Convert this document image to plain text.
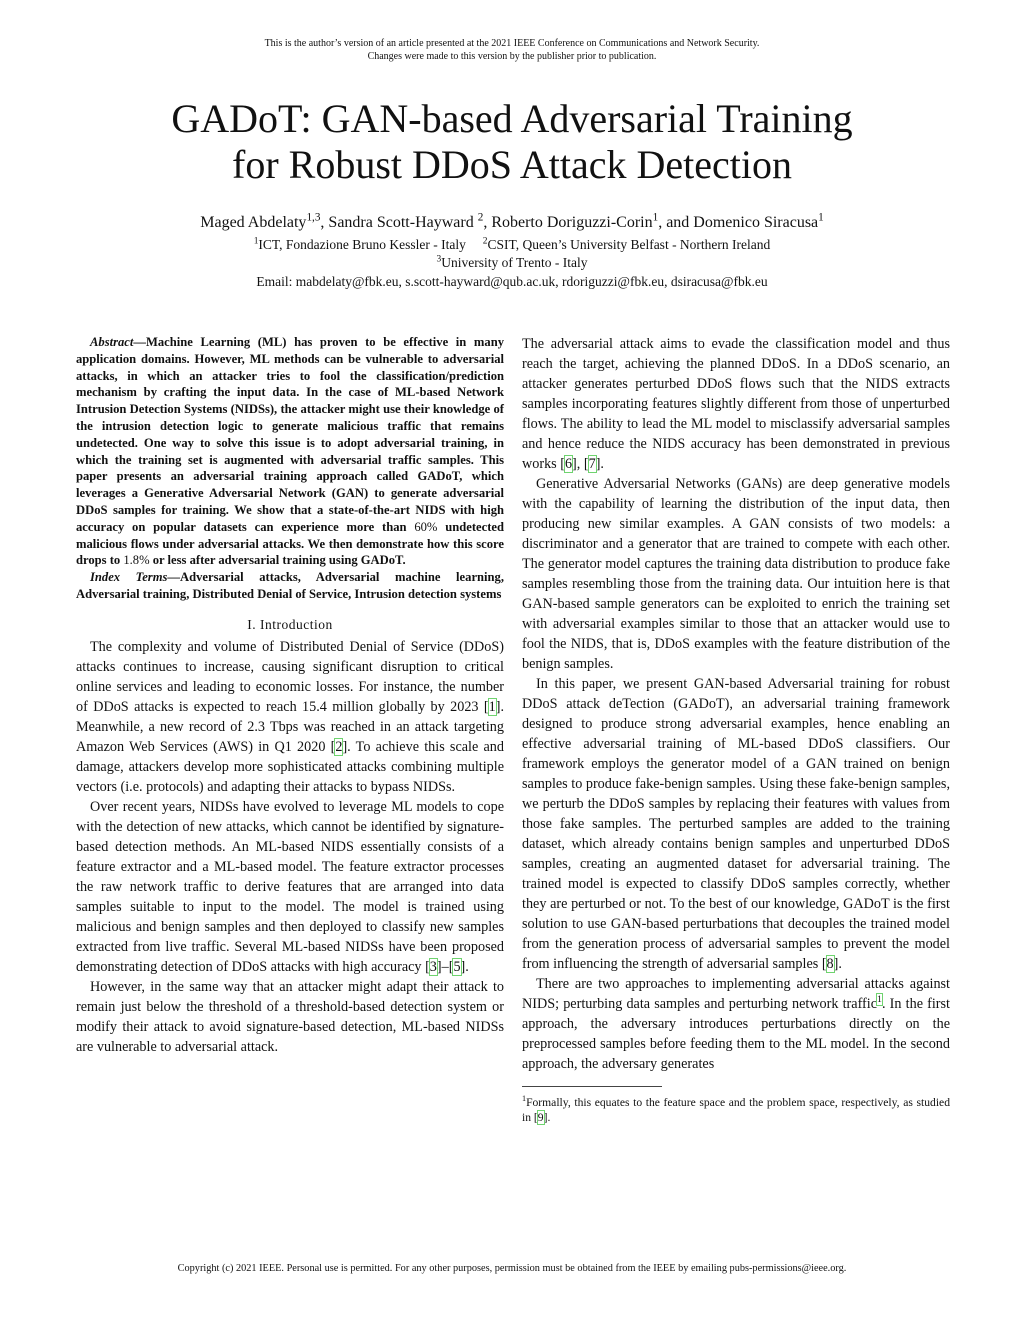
This is the author’s version of an article presented at the 2021 IEEE Conference on Communications and Network Security.
Changes were made to this version by the publisher prior to publication.
GADoT: GAN-based Adversarial Training
for Robust DDoS Attack Detection
Maged Abdelaty$^{1,3}$, Sandra Scott-Hayward $^2$, Roberto Doriguzzi-Corin$^1$, and Domenico Siracusa$^1$
$^1$ICT, Fondazione Bruno Kessler - Italy $^2$CSIT, Queen’s University Belfast - Northern Ireland
$^3$University of Trento - Italy
Email: mabdelaty@fbk.eu, s.scott-hayward@qub.ac.uk, rdoriguzzi@fbk.eu, dsiracusa@fbk.eu

Abstract—Machine Learning (ML) has proven to be effective in many application domains. However, ML methods can be vulnerable to adversarial attacks, in which an attacker tries to fool the classification/prediction mechanism by crafting the input data. In the case of ML-based Network Intrusion Detection Systems (NIDSs), the attacker might use their knowledge of the intrusion detection logic to generate malicious traffic that remains undetected. One way to solve this issue is to adopt adversarial training, in which the training set is augmented with adversarial traffic samples. This paper presents an adversarial training approach called GADoT, which leverages a Generative Adversarial Network (GAN) to generate adversarial DDoS samples for training. We show that a state-of-the-art NIDS with high accuracy on popular datasets can experience more than 60% undetected malicious flows under adversarial attacks. We then demonstrate how this score drops to 1.8% or less after adversarial training using GADoT.

Index Terms—Adversarial attacks, Adversarial machine learning, Adversarial training, Distributed Denial of Service, Intrusion detection systems

I. Introduction

The complexity and volume of Distributed Denial of Service (DDoS) attacks continues to increase, causing significant disruption to critical online services and leading to economic losses. For instance, the number of DDoS attacks is expected to reach 15.4 million globally by 2023 [1]. Meanwhile, a new record of 2.3 Tbps was reached in an attack targeting Amazon Web Services (AWS) in Q1 2020 [2]. To achieve this scale and damage, attackers develop more sophisticated attacks combining multiple vectors (i.e. protocols) and adapting their attacks to bypass NIDSs.

Over recent years, NIDSs have evolved to leverage ML models to cope with the detection of new attacks, which cannot be identified by signature-based detection methods. An ML-based NIDS essentially consists of a feature extractor and a ML-based model. The feature extractor processes the raw network traffic to derive features that are arranged into data samples suitable to input to the model. The model is trained using malicious and benign samples and then deployed to classify new samples extracted from live traffic. Several ML-based NIDSs have been proposed demonstrating detection of DDoS attacks with high accuracy [3]–[5].

However, in the same way that an attacker might adapt their attack to remain just below the threshold of a threshold-based detection system or modify their attack to avoid signature-based detection, ML-based NIDSs are vulnerable to adversarial attack.

The adversarial attack aims to evade the classification model and thus reach the target, achieving the planned DDoS. In a DDoS scenario, an attacker generates perturbed DDoS flows such that the NIDS extracts samples incorporating features slightly different from those of unperturbed flows. The ability to lead the ML model to misclassify adversarial samples and hence reduce the NIDS accuracy has been demonstrated in previous works [6], [7].

Generative Adversarial Networks (GANs) are deep generative models with the capability of learning the distribution of the input data, then producing new similar examples. A GAN consists of two models: a discriminator and a generator that are trained to compete with each other. The generator model captures the training data distribution to produce fake samples resembling those from the training data. Our intuition here is that GAN-based sample generators can be exploited to enrich the training set with adversarial examples similar to those that an attacker would use to fool the NIDS, that is, DDoS examples with the feature distribution of the benign samples.

In this paper, we present GAN-based Adversarial training for robust DDoS attack deTection (GADoT), an adversarial training framework designed to produce strong adversarial examples, hence enabling an effective adversarial training of ML-based DDoS classifiers. Our framework employs the generator model of a GAN trained on benign samples to produce fake-benign samples. Using these fake-benign samples, we perturb the DDoS samples by replacing their features with values from those fake samples. The perturbed samples are added to the training dataset, which already contains benign samples and unperturbed DDoS samples, creating an augmented dataset for adversarial training. The trained model is expected to classify DDoS samples correctly, whether they are perturbed or not. To the best of our knowledge, GADoT is the first solution to use GAN-based perturbations that decouples the trained model from the generation process of adversarial samples to prevent the model from influencing the strength of adversarial samples [8].

There are two approaches to implementing adversarial attacks against NIDS; perturbing data samples and perturbing network traffic$^1$. In the first approach, the adversary introduces perturbations directly on the preprocessed samples before feeding them to the ML model. In the second approach, the adversary generates

$^1$Formally, this equates to the feature space and the problem space, respectively, as studied in [9].
Copyright (c) 2021 IEEE. Personal use is permitted. For any other purposes, permission must be obtained from the IEEE by emailing pubs-permissions@ieee.org.
